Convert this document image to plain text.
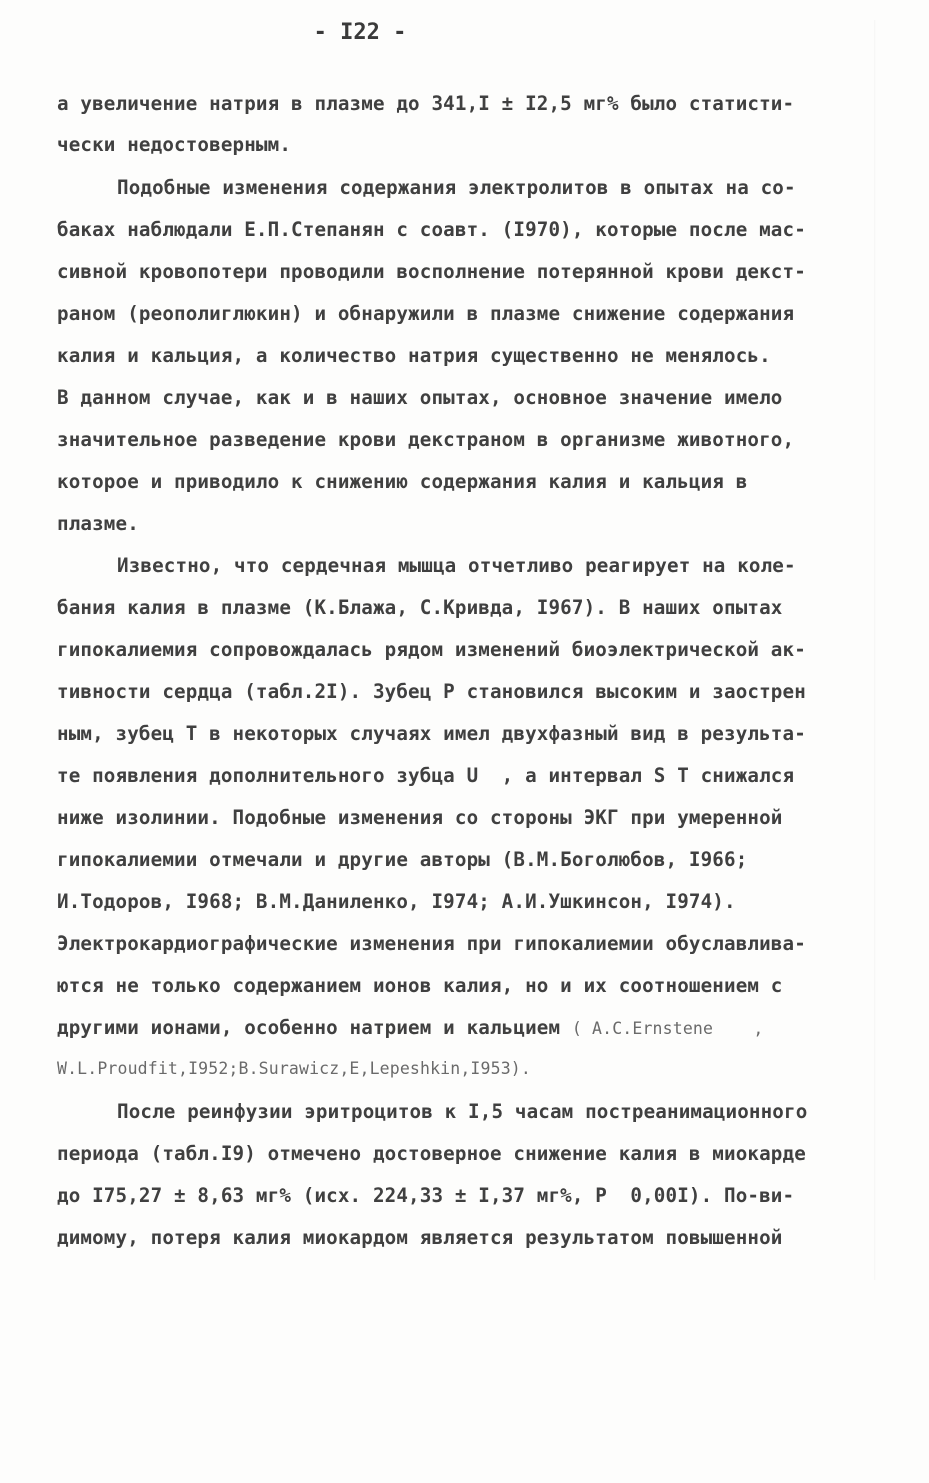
- I22 -
а увеличение натрия в плазме до 341,I ± I2,5 мг% было статисти-
чески недостоверным.
Подобные изменения содержания электролитов в опытах на со-
баках наблюдали Е.П.Степанян с соавт. (I970), которые после мас-
сивной кровопотери проводили восполнение потерянной крови декст-
раном (реополиглюкин) и обнаружили в плазме снижение содержания
калия и кальция, а количество натрия существенно не менялось.
В данном случае, как и в наших опытах, основное значение имело
значительное разведение крови декстраном в организме животного,
которое и приводило к снижению содержания калия и кальция в
плазме.
Известно, что сердечная мышца отчетливо реагирует на коле-
бания калия в плазме (К.Блажа, С.Кривда, I967). В наших опытах
гипокалиемия сопровождалась рядом изменений биоэлектрической ак-
тивности сердца (табл.2I). Зубец Р становился высоким и заострен
ным, зубец Т в некоторых случаях имел двухфазный вид в результа-
те появления дополнительного зубца U  , а интервал S T снижался
ниже изолинии. Подобные изменения со стороны ЭКГ при умеренной
гипокалиемии отмечали и другие авторы (В.М.Боголюбов, I966;
И.Тодоров, I968; В.М.Даниленко, I974; А.И.Ушкинсон, I974).
Электрокардиографические изменения при гипокалиемии обуславлива-
ются не только содержанием ионов калия, но и их соотношением с
другими ионами, особенно натрием и кальцием ( A.C.Ernstene    ,
W.L.Proudfit,I952;B.Surawicz,E,Lepeshkin,I953).
После реинфузии эритроцитов к I,5 часам постреанимационного
периода (табл.I9) отмечено достоверное снижение калия в миокарде
до I75,27 ± 8,63 мг% (исх. 224,33 ± I,37 мг%, Р  0,00I). По-ви-
димому, потеря калия миокардом является результатом повышенной
